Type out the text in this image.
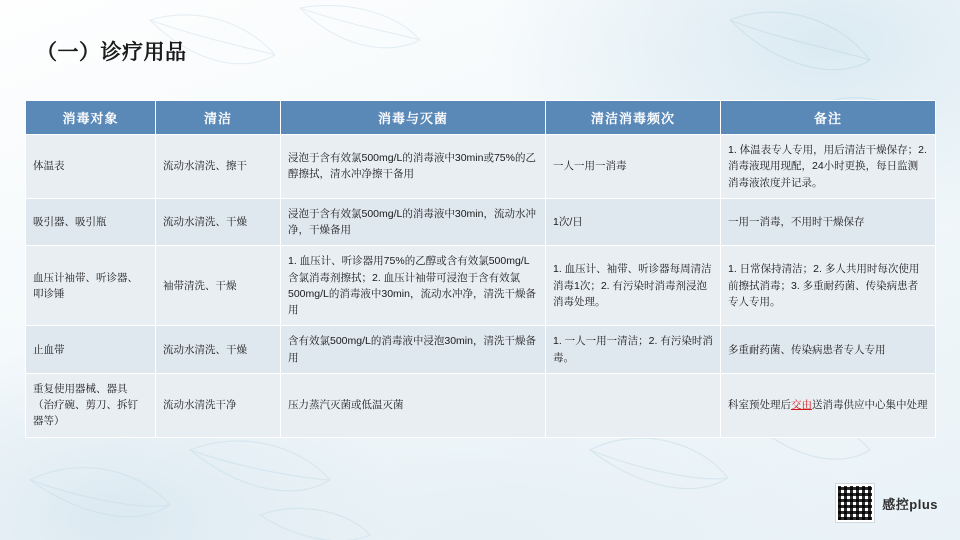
（一）诊疗用品
消毒对象	清洁	消毒与灭菌	清洁消毒频次	备注
体温表	流动水清洗、擦干	浸泡于含有效氯500mg/L的消毒液中30min或75%的乙醇擦拭，清水冲净擦干备用	一人一用一消毒	1. 体温表专人专用，用后清洁干燥保存；2. 消毒液现用现配，24小时更换，每日监测消毒液浓度并记录。
吸引器、吸引瓶	流动水清洗、干燥	浸泡于含有效氯500mg/L的消毒液中30min，流动水冲净，干燥备用	1次/日	一用一消毒，不用时干燥保存
血压计袖带、听诊器、叩诊锤	袖带清洗、干燥	1. 血压计、听诊器用75%的乙醇或含有效氯500mg/L含氯消毒剂擦拭；2. 血压计袖带可浸泡于含有效氯500mg/L的消毒液中30min，流动水冲净，清洗干燥备用	1. 血压计、袖带、听诊器每周清洁消毒1次；2. 有污染时消毒剂浸泡消毒处理。	1. 日常保持清洁；2. 多人共用时每次使用前擦拭消毒；3. 多重耐药菌、传染病患者专人专用。
止血带	流动水清洗、干燥	含有效氯500mg/L的消毒液中浸泡30min，清洗干燥备用	1. 一人一用一清洁；2. 有污染时消毒。	多重耐药菌、传染病患者专人专用
重复使用器械、器具（治疗碗、剪刀、拆钉器等）	流动水清洗干净	压力蒸汽灭菌或低温灭菌		科室预处理后交由送消毒供应中心集中处理
感控plus
